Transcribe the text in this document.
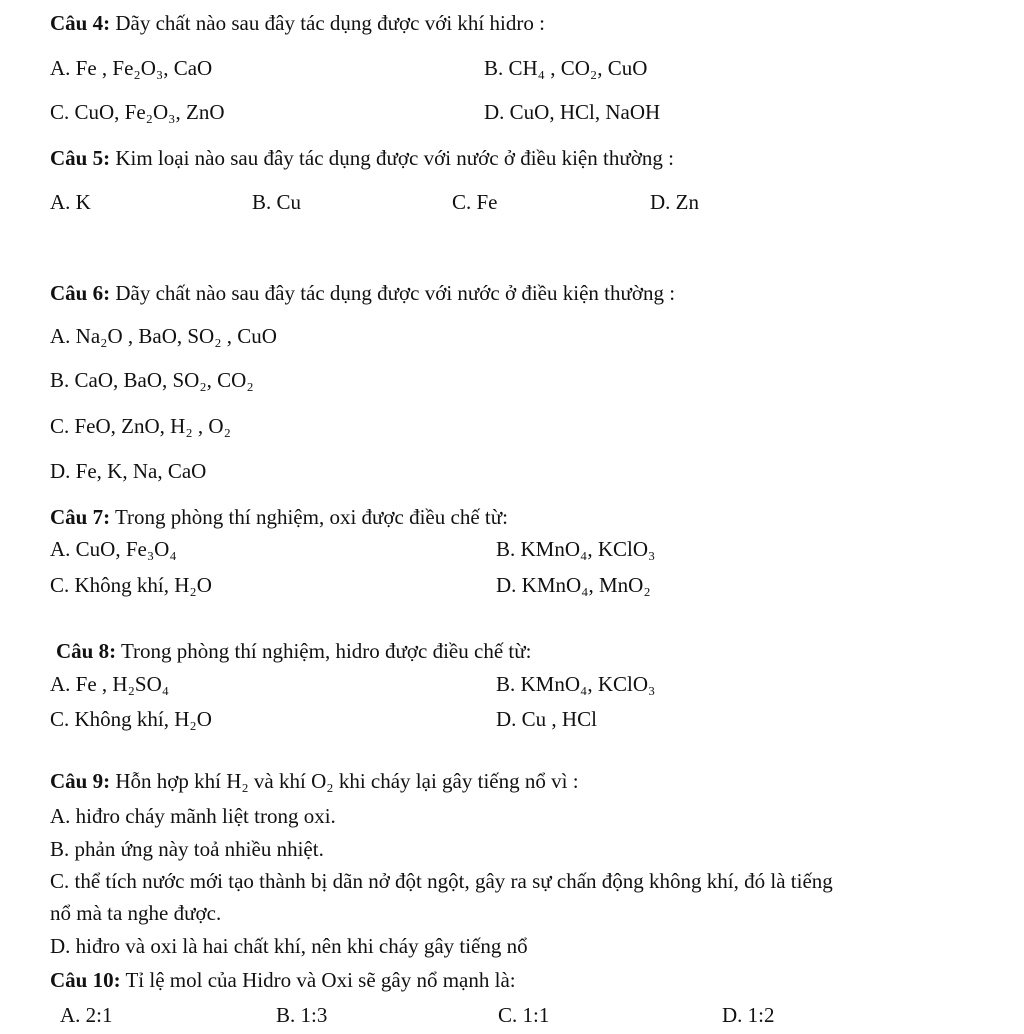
Câu 4: Dãy chất nào sau đây tác dụng được với khí hidro :
A. Fe , Fe₂O₃, CaO	B. CH₄ , CO₂, CuO
C. CuO, Fe₂O₃, ZnO	D. CuO, HCl, NaOH
Câu 5: Kim loại nào sau đây tác dụng được với nước ở điều kiện thường :
A. K	B. Cu	C. Fe	D. Zn
Câu 6: Dãy chất nào sau đây tác dụng được với nước ở điều kiện thường :
A. Na₂O , BaO, SO₂ , CuO
B. CaO, BaO, SO₂, CO₂
C. FeO, ZnO, H₂ , O₂
D. Fe, K, Na, CaO
Câu 7: Trong phòng thí nghiệm, oxi được điều chế từ:
A. CuO, Fe₃O₄	B. KMnO₄, KClO₃
C. Không khí, H₂O	D. KMnO₄, MnO₂
Câu 8: Trong phòng thí nghiệm, hidro được điều chế từ:
A. Fe , H₂SO₄	B. KMnO₄, KClO₃
C. Không khí, H₂O	D. Cu , HCl
Câu 9: Hỗn hợp khí H₂ và khí O₂ khi cháy lại gây tiếng nổ vì :
A. hiđro cháy mãnh liệt trong oxi.
B. phản ứng này toả nhiều nhiệt.
C. thể tích nước mới tạo thành bị dãn nở đột ngột, gây ra sự chấn động không khí, đó là tiếng
nổ mà ta nghe được.
D. hiđro và oxi là hai chất khí, nên khi cháy gây tiếng nổ
Câu 10: Tỉ lệ mol của Hidro và Oxi sẽ gây nổ mạnh là:
A. 2:1	B. 1:3	C. 1:1	D. 1:2
